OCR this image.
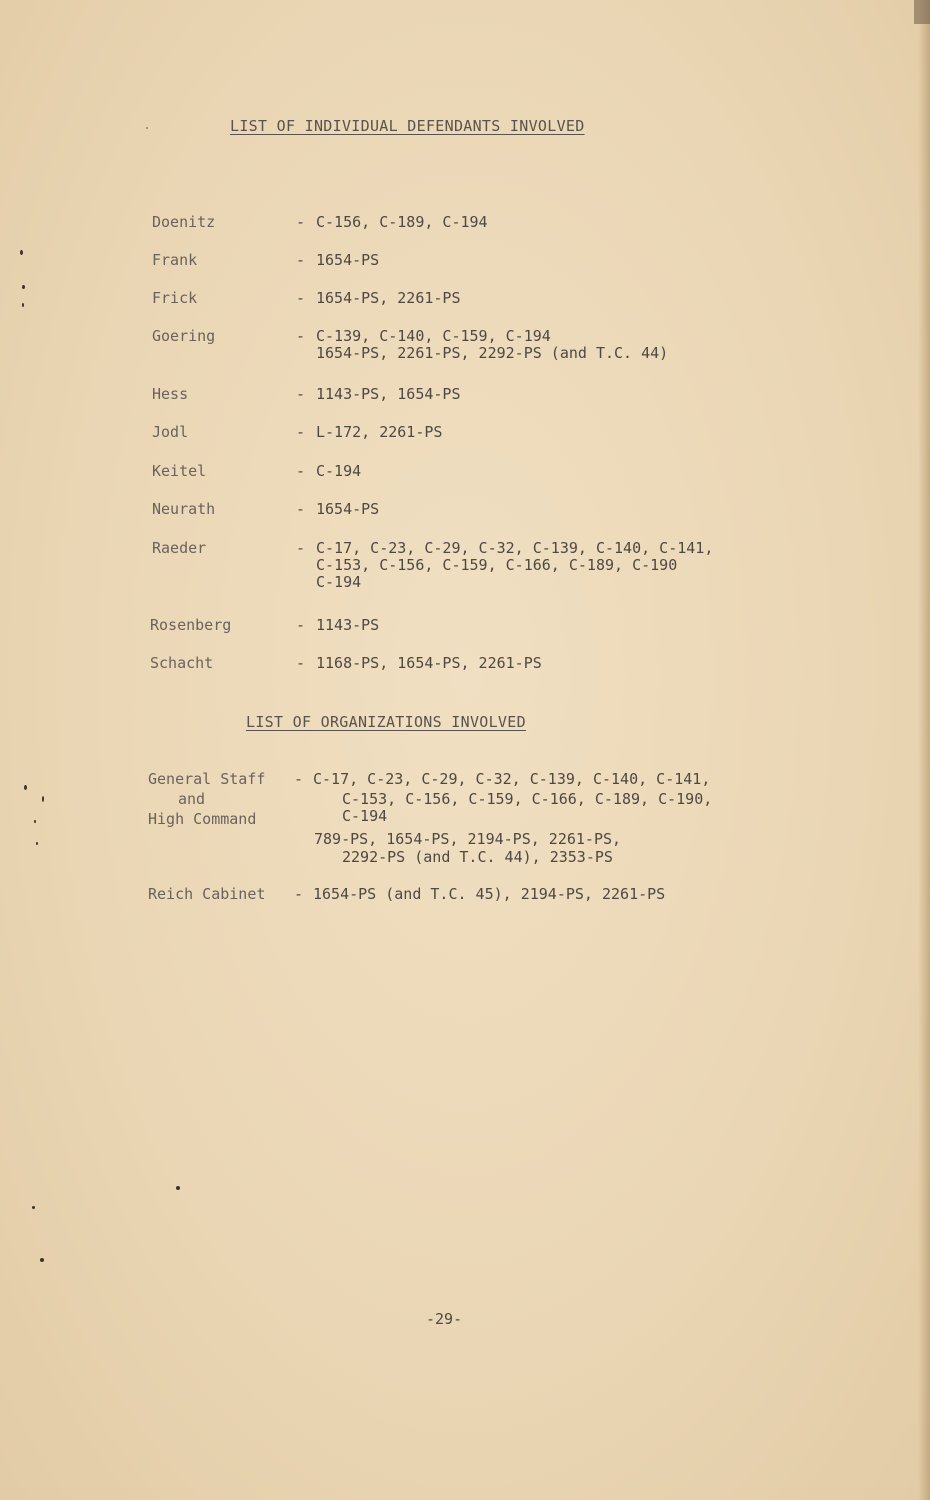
LIST OF INDIVIDUAL DEFENDANTS INVOLVED
Doenitz	- C-156, C-189, C-194
Frank	- 1654-PS
Frick	- 1654-PS, 2261-PS
Goering	- C-139, C-140, C-159, C-194
1654-PS, 2261-PS, 2292-PS (and T.C. 44)
Hess	- 1143-PS, 1654-PS
Jodl	- L-172, 2261-PS
Keitel	- C-194
Neurath	- 1654-PS
Raeder	- C-17, C-23, C-29, C-32, C-139, C-140, C-141,
C-153, C-156, C-159, C-166, C-189, C-190
C-194
Rosenberg	- 1143-PS
Schacht	- 1168-PS, 1654-PS, 2261-PS
LIST OF ORGANIZATIONS INVOLVED
General Staff
and
High Command
- C-17, C-23, C-29, C-32, C-139, C-140, C-141,
C-153, C-156, C-159, C-166, C-189, C-190,
C-194
789-PS, 1654-PS, 2194-PS, 2261-PS,
2292-PS (and T.C. 44), 2353-PS
Reich Cabinet - 1654-PS (and T.C. 45), 2194-PS, 2261-PS
-29-
